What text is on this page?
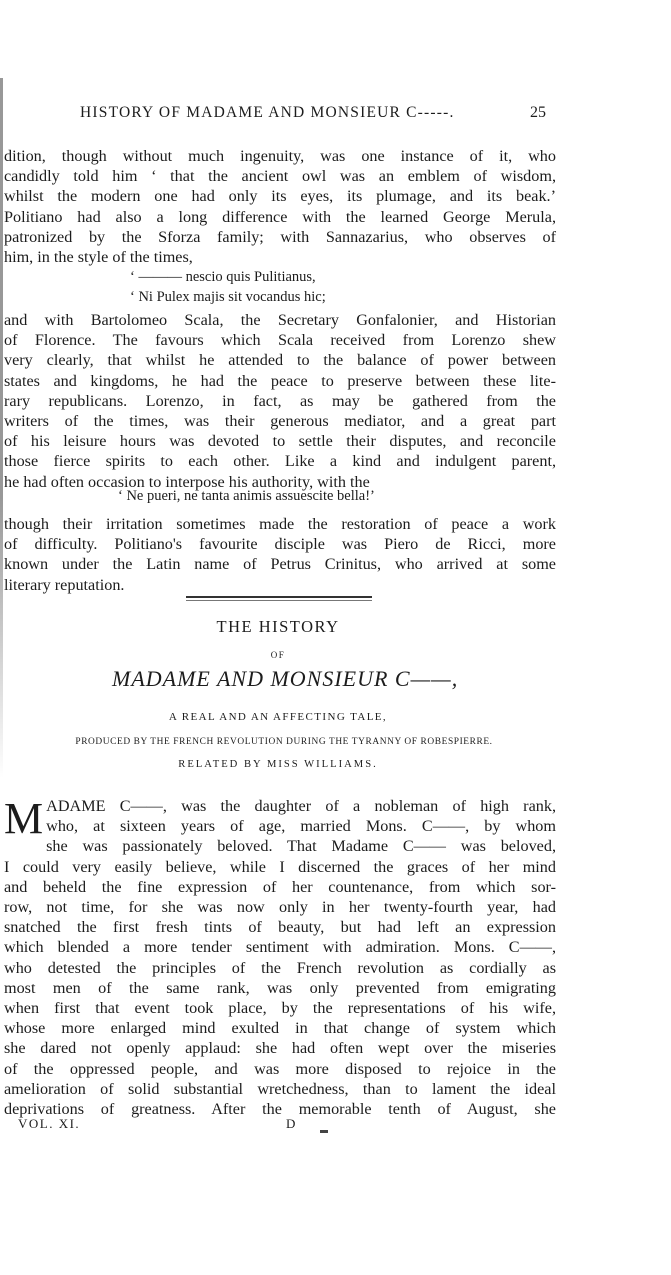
HISTORY OF MADAME AND MONSIEUR C-----.	25
dition, though without much ingenuity, was one instance of it, who
candidly told him ‘ that the ancient owl was an emblem of wisdom,
whilst the modern one had only its eyes, its plumage, and its beak.’
Politiano had also a long difference with the learned George Merula,
patronized by the Sforza family; with Sannazarius, who observes of
him, in the style of the times,
‘ ——— nescio quis Pulitianus,
‘ Ni Pulex majis sit vocandus hic;
and with Bartolomeo Scala, the Secretary Gonfalonier, and Historian
of Florence. The favours which Scala received from Lorenzo shew
very clearly, that whilst he attended to the balance of power between
states and kingdoms, he had the peace to preserve between these lite-
rary republicans. Lorenzo, in fact, as may be gathered from the
writers of the times, was their generous mediator, and a great part
of his leisure hours was devoted to settle their disputes, and reconcile
those fierce spirits to each other. Like a kind and indulgent parent,
he had often occasion to interpose his authority, with the
‘ Ne pueri, ne tanta animis assuescite bella!’
though their irritation sometimes made the restoration of peace a work
of difficulty. Politiano's favourite disciple was Piero de Ricci, more
known under the Latin name of Petrus Crinitus, who arrived at some
literary reputation.
THE HISTORY
OF
MADAME AND MONSIEUR C——,
A REAL AND AN AFFECTING TALE,
PRODUCED BY THE FRENCH REVOLUTION DURING THE TYRANNY OF ROBESPIERRE.
RELATED BY MISS WILLIAMS.
M ADAME C——, was the daughter of a nobleman of high rank,
who, at sixteen years of age, married Mons. C——, by whom
she was passionately beloved. That Madame C—— was beloved,
I could very easily believe, while I discerned the graces of her mind
and beheld the fine expression of her countenance, from which sor-
row, not time, for she was now only in her twenty-fourth year, had
snatched the first fresh tints of beauty, but had left an expression
which blended a more tender sentiment with admiration. Mons. C——,
who detested the principles of the French revolution as cordially as
most men of the same rank, was only prevented from emigrating
when first that event took place, by the representations of his wife,
whose more enlarged mind exulted in that change of system which
she dared not openly applaud: she had often wept over the miseries
of the oppressed people, and was more disposed to rejoice in the
amelioration of solid substantial wretchedness, than to lament the ideal
deprivations of greatness. After the memorable tenth of August, she
VOL. XI.	D
